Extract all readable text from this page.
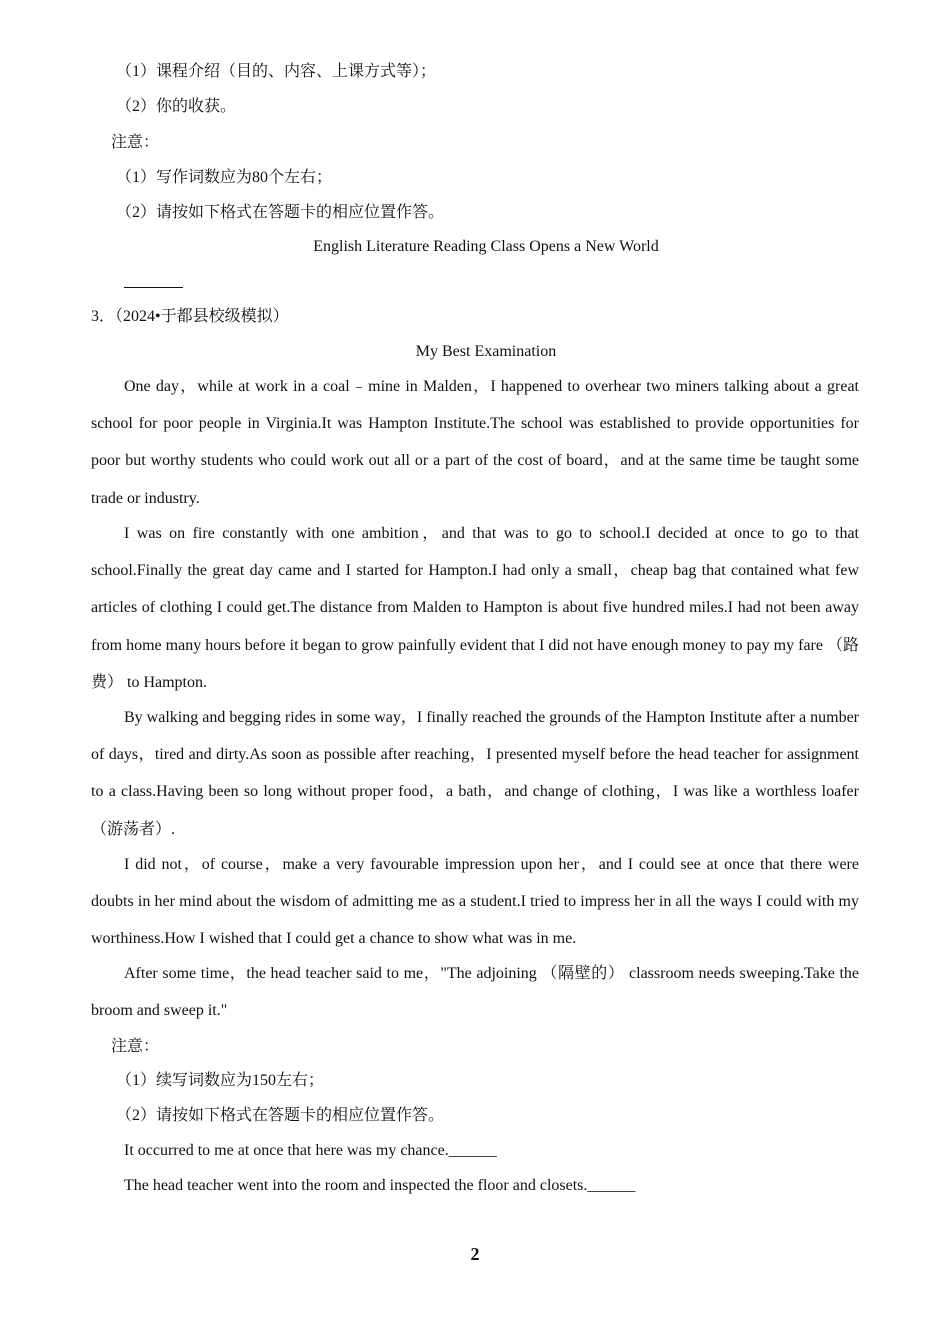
（1）课程介绍（目的、内容、上课方式等）；
（2）你的收获。
注意：
（1）写作词数应为80个左右；
（2）请按如下格式在答题卡的相应位置作答。
English Literature Reading Class Opens a New World
3．（2024•于都县校级模拟）
My Best Examination

One day，while at work in a coal﹣mine in Malden，I happened to overhear two miners talking about a great school for poor people in Virginia.It was Hampton Institute.The school was established to provide opportunities for poor but worthy students who could work out all or a part of the cost of board，and at the same time be taught some trade or industry.

I was on fire constantly with one ambition，and that was to go to school.I decided at once to go to that school.Finally the great day came and I started for Hampton.I had only a small，cheap bag that contained what few articles of clothing I could get.The distance from Malden to Hampton is about five hundred miles.I had not been away from home many hours before it began to grow painfully evident that I did not have enough money to pay my fare （路费） to Hampton.

By walking and begging rides in some way，I finally reached the grounds of the Hampton Institute after a number of days，tired and dirty.As soon as possible after reaching，I presented myself before the head teacher for assignment to a class.Having been so long without proper food，a bath，and change of clothing，I was like a worthless loafer （游荡者）.

I did not，of course，make a very favourable impression upon her，and I could see at once that there were doubts in her mind about the wisdom of admitting me as a student.I tried to impress her in all the ways I could with my worthiness.How I wished that I could get a chance to show what was in me.

After some time，the head teacher said to me，"The adjoining （隔壁的） classroom needs sweeping.Take the broom and sweep it."

注意：
（1）续写词数应为150左右；
（2）请按如下格式在答题卡的相应位置作答。
It occurred to me at once that here was my chance.______
The head teacher went into the room and inspected the floor and closets.______
2
